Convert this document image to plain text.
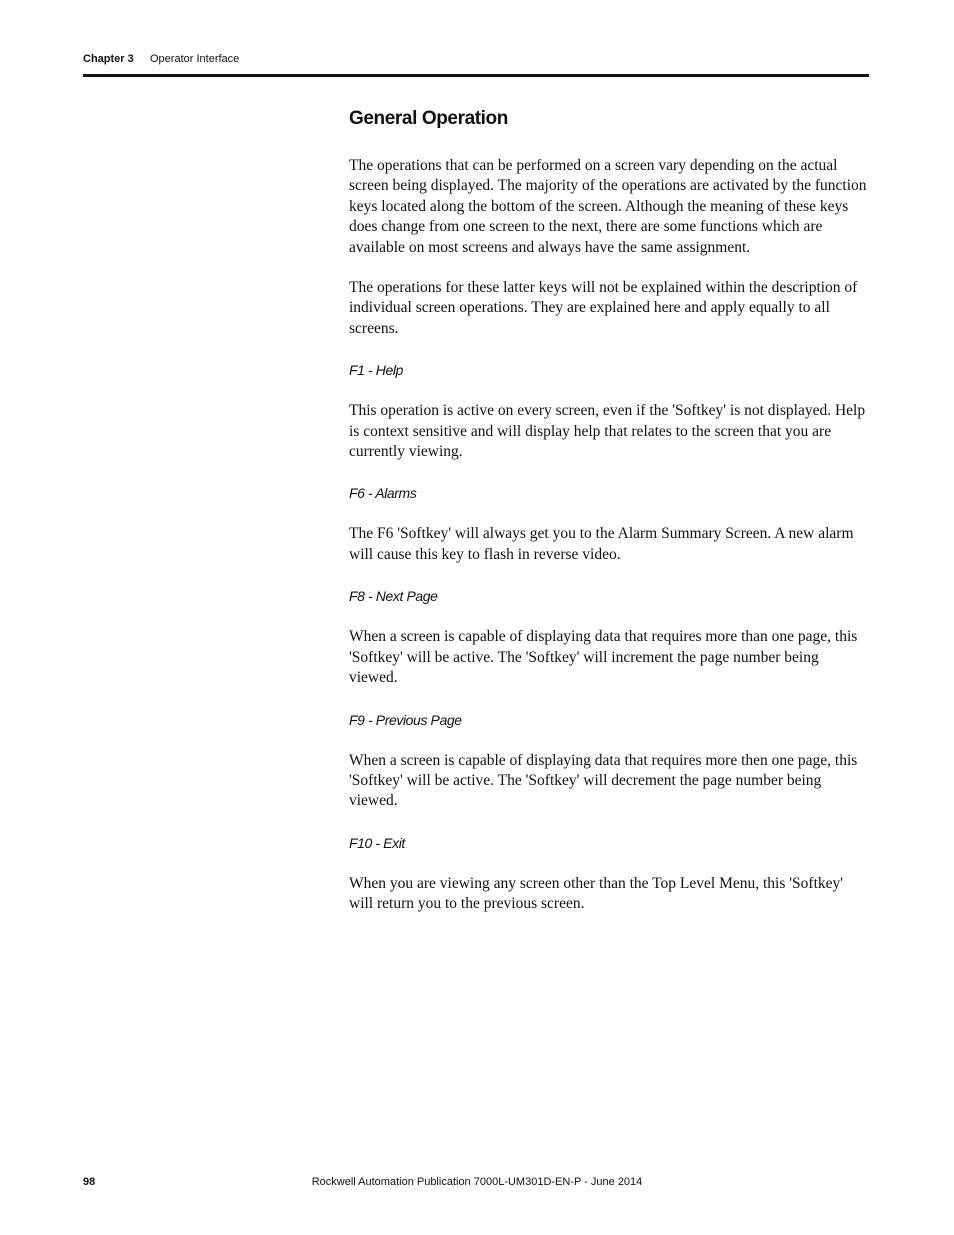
Chapter 3	Operator Interface
General Operation

The operations that can be performed on a screen vary depending on the actual screen being displayed. The majority of the operations are activated by the function keys located along the bottom of the screen. Although the meaning of these keys does change from one screen to the next, there are some functions which are available on most screens and always have the same assignment.

The operations for these latter keys will not be explained within the description of individual screen operations. They are explained here and apply equally to all screens.

F1 - Help

This operation is active on every screen, even if the 'Softkey' is not displayed. Help is context sensitive and will display help that relates to the screen that you are currently viewing.

F6 - Alarms

The F6 'Softkey' will always get you to the Alarm Summary Screen. A new alarm will cause this key to flash in reverse video.

F8 - Next Page

When a screen is capable of displaying data that requires more than one page, this 'Softkey' will be active. The 'Softkey' will increment the page number being viewed.

F9 - Previous Page

When a screen is capable of displaying data that requires more then one page, this 'Softkey' will be active. The 'Softkey' will decrement the page number being viewed.

F10 - Exit

When you are viewing any screen other than the Top Level Menu, this 'Softkey' will return you to the previous screen.

98	Rockwell Automation Publication 7000L-UM301D-EN-P - June 2014
